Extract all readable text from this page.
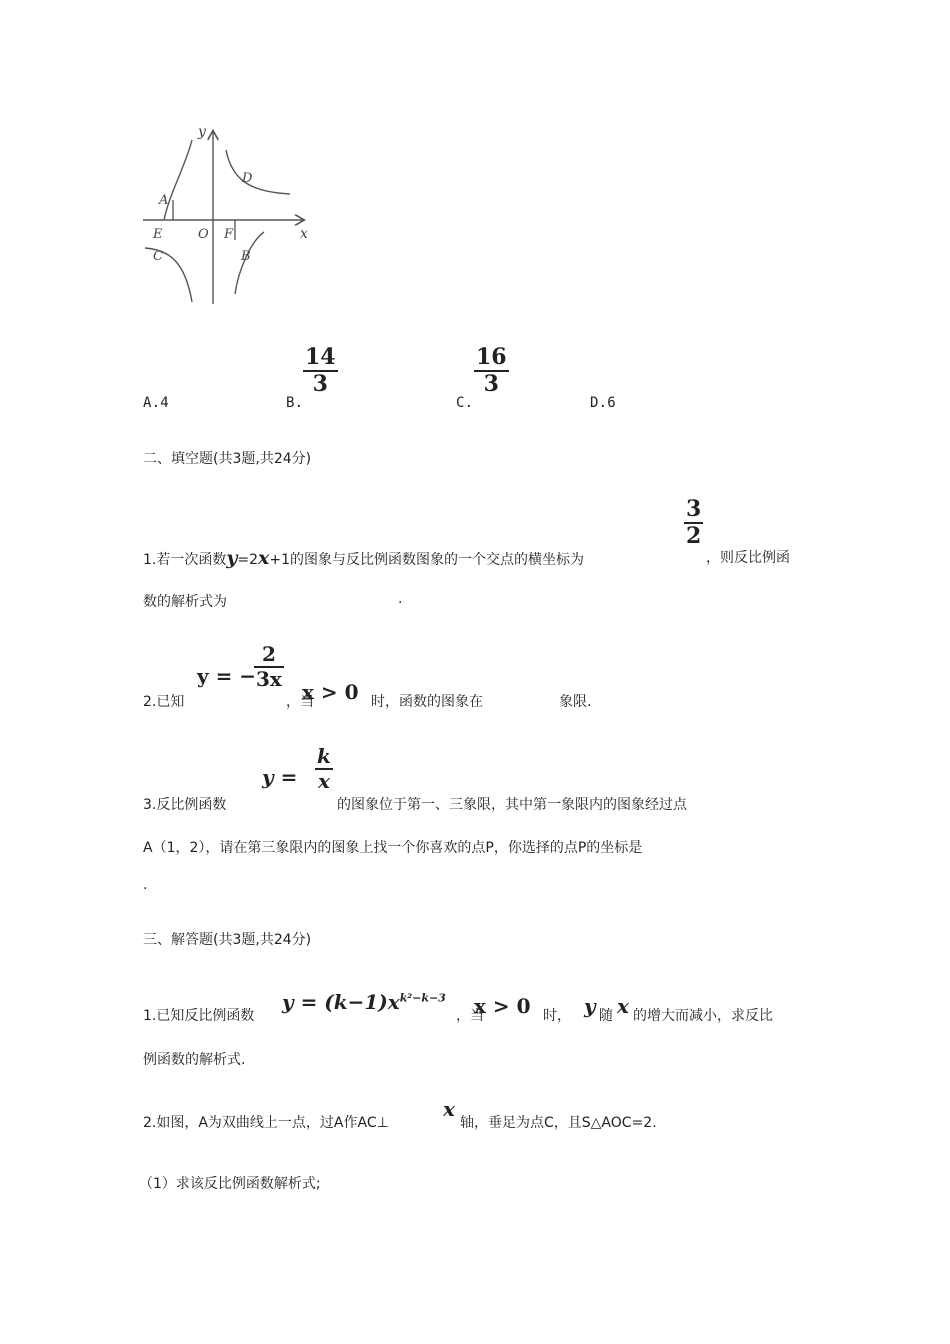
y
x
A
D
E	O F
C	B
A.4	B.
14
3
C.
16
3
D.6
二、填空题(共3题,共24分)
1.若一次函数y=2x+1的图象与反比例函数图象的一个交点的横坐标为
3
2
，则反比例函
数的解析式为	.
2.已知
y = −
2
3x
，当
x > 0 时，函数的图象在	象限.
3.反比例函数
y =
k
x
的图象位于第一、三象限，其中第一象限内的图象经过点
A（1，2），请在第三象限内的图象上找一个你喜欢的点P，你选择的点P的坐标是
.
三、解答题(共3题,共24分)
1.已知反比例函数
$y = (k-1)x^{k^2-k-3}$
，当
x > 0 时， y 随 x 的增大而减小，求反比
例函数的解析式.
2.如图，A为双曲线上一点，过A作AC⊥
x
轴，垂足为点C，且S△AOC=2.
（1）求该反比例函数解析式;
